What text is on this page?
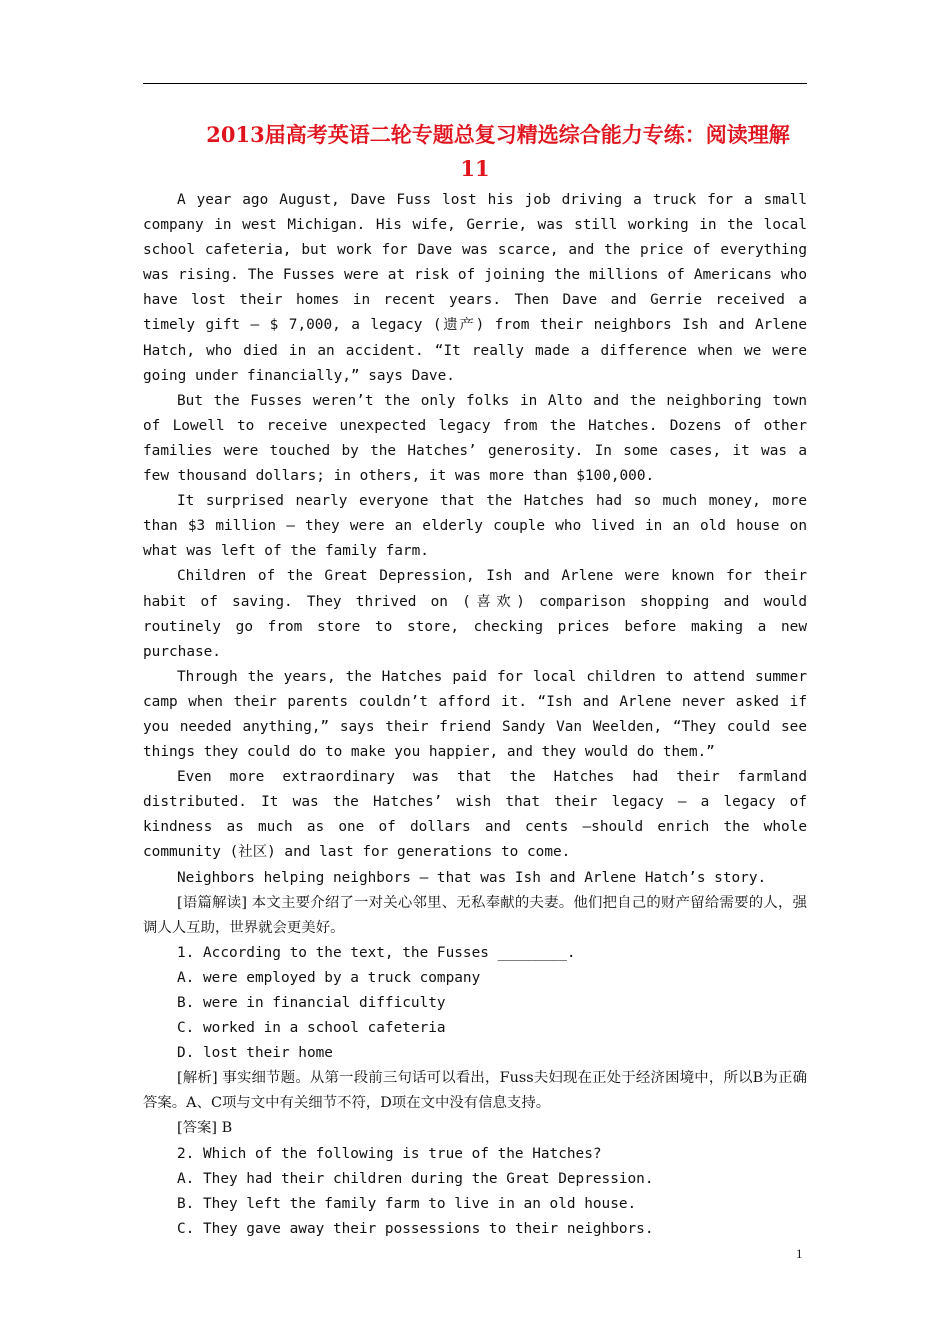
2013届高考英语二轮专题总复习精选综合能力专练：阅读理解
11

A year ago August, Dave Fuss lost his job driving a truck for a small company in west Michigan. His wife, Gerrie, was still working in the local school cafeteria, but work for Dave was scarce, and the price of everything was rising. The Fusses were at risk of joining the millions of Americans who have lost their homes in recent years. Then Dave and Gerrie received a timely gift — $ 7,000, a legacy (遗产) from their neighbors Ish and Arlene Hatch, who died in an accident. “It really made a difference when we were going under financially,” says Dave.

But the Fusses weren’t the only folks in Alto and the neighboring town of Lowell to receive unexpected legacy from the Hatches. Dozens of other families were touched by the Hatches’ generosity. In some cases, it was a few thousand dollars; in others, it was more than $100,000.

It surprised nearly everyone that the Hatches had so much money, more than $3 million — they were an elderly couple who lived in an old house on what was left of the family farm.

Children of the Great Depression, Ish and Arlene were known for their habit of saving. They thrived on (喜欢) comparison shopping and would routinely go from store to store, checking prices before making a new purchase.

Through the years, the Hatches paid for local children to attend summer camp when their parents couldn’t afford it. “Ish and Arlene never asked if you needed anything,” says their friend Sandy Van Weelden, “They could see things they could do to make you happier, and they would do them.”

Even more extraordinary was that the Hatches had their farmland distributed. It was the Hatches’ wish that their legacy — a legacy of kindness as much as one of dollars and cents —should enrich the whole community (社区) and last for generations to come.

Neighbors helping neighbors — that was Ish and Arlene Hatch’s story.

[语篇解读] 本文主要介绍了一对关心邻里、无私奉献的夫妻。他们把自己的财产留给需要的人，强调人人互助，世界就会更美好。

1. According to the text, the Fusses ________.

A. were employed by a truck company

B. were in financial difficulty

C. worked in a school cafeteria

D. lost their home

[解析] 事实细节题。从第一段前三句话可以看出，Fuss夫妇现在正处于经济困境中，所以B为正确答案。A、C项与文中有关细节不符，D项在文中没有信息支持。

[答案] B

2. Which of the following is true of the Hatches?

A. They had their children during the Great Depression.

B. They left the family farm to live in an old house.

C. They gave away their possessions to their neighbors.

1
